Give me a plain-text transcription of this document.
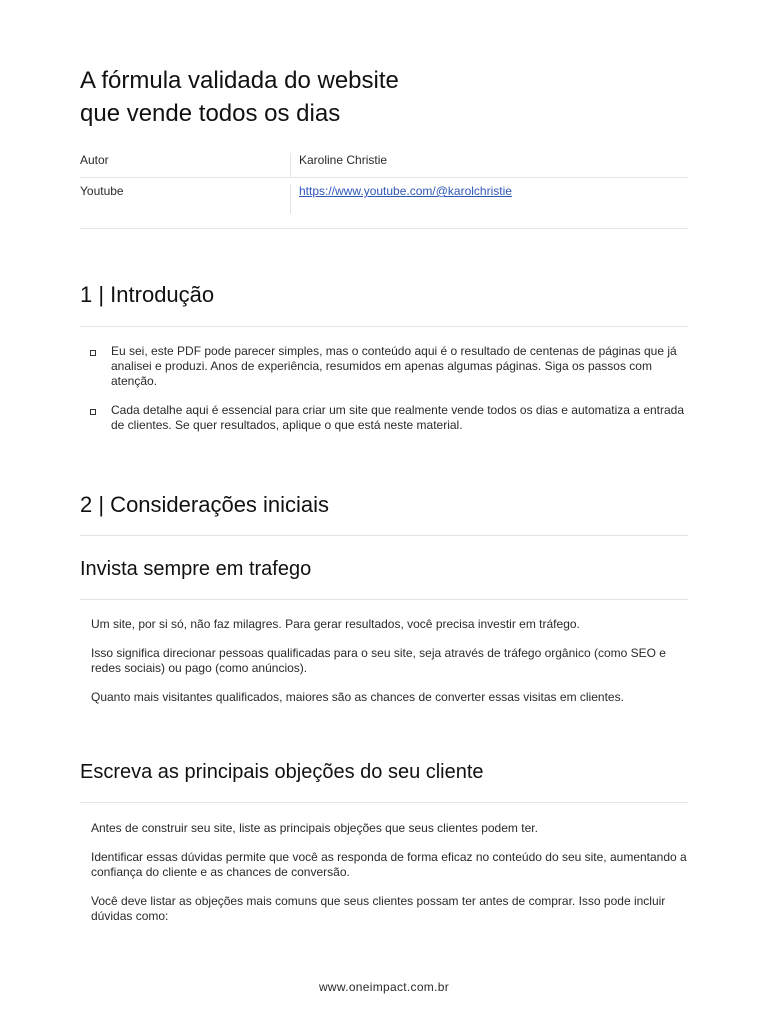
A fórmula validada do website
que vende todos os dias
Autor	Karoline Christie
Youtube	https://www.youtube.com/@karolchristie
1 | Introdução
Eu sei, este PDF pode parecer simples, mas o conteúdo aqui é o resultado de centenas de páginas que já analisei e produzi. Anos de experiência, resumidos em apenas algumas páginas. Siga os passos com atenção.
Cada detalhe aqui é essencial para criar um site que realmente vende todos os dias e automatiza a entrada de clientes. Se quer resultados, aplique o que está neste material.
2 | Considerações iniciais
Invista sempre em trafego

Um site, por si só, não faz milagres. Para gerar resultados, você precisa investir em tráfego.

Isso significa direcionar pessoas qualificadas para o seu site, seja através de tráfego orgânico (como SEO e redes sociais) ou pago (como anúncios).

Quanto mais visitantes qualificados, maiores são as chances de converter essas visitas em clientes.

Escreva as principais objeções do seu cliente

Antes de construir seu site, liste as principais objeções que seus clientes podem ter.

Identificar essas dúvidas permite que você as responda de forma eficaz no conteúdo do seu site, aumentando a confiança do cliente e as chances de conversão.

Você deve listar as objeções mais comuns que seus clientes possam ter antes de comprar. Isso pode incluir dúvidas como:

www.oneimpact.com.br
